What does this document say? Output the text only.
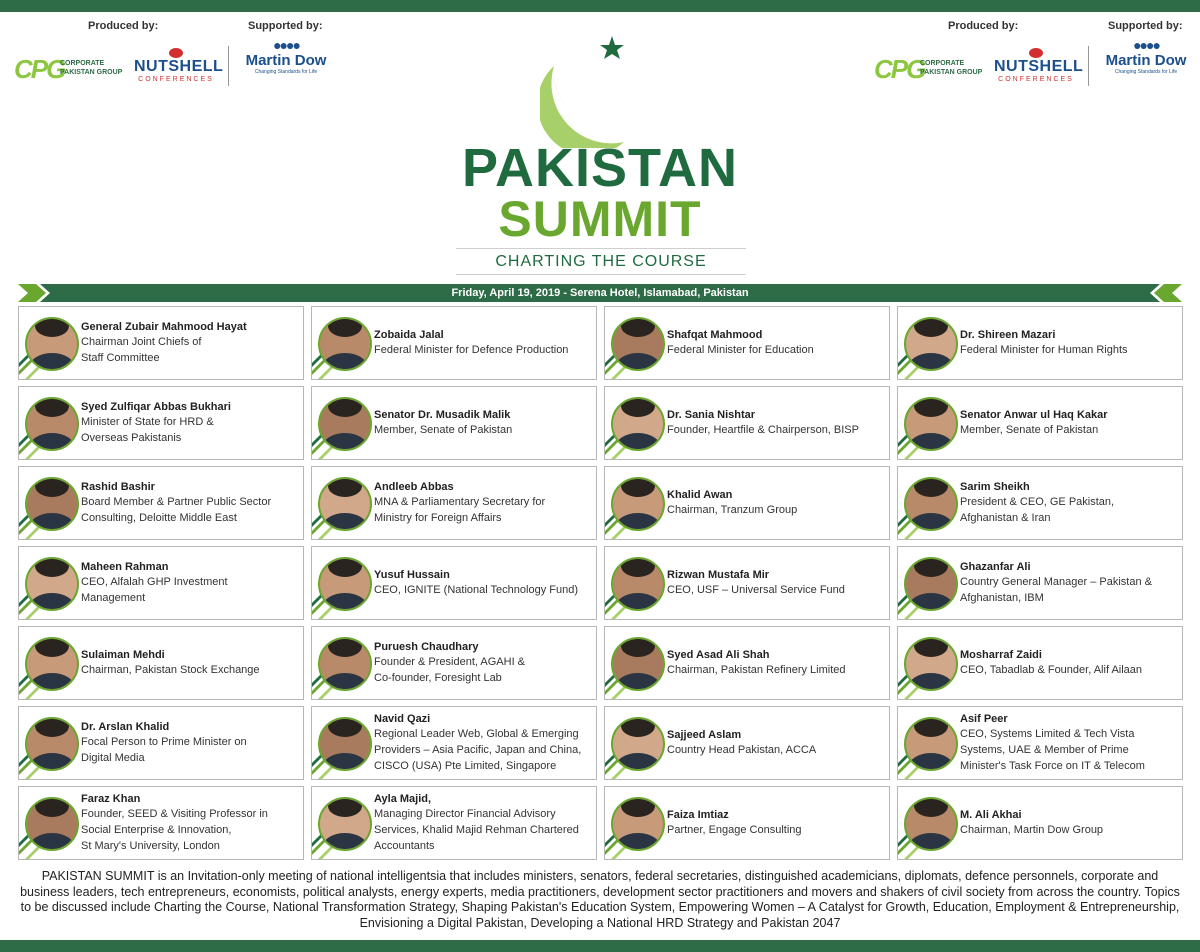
Produced by:	Supported by:
CPG
CORPORATE PAKISTAN GROUP NUTSHELL
CONFERENCES
●●●●
Martin Dow
Changing Standards for Life
Produced by:	Supported by:
CPG
CORPORATE PAKISTAN GROUP NUTSHELL
CONFERENCES
●●●●
Martin Dow
Changing Standards for Life
PAKISTAN
SUMMIT
CHARTING THE COURSE
Friday, April 19, 2019 - Serena Hotel, Islamabad, Pakistan
General Zubair Mahmood Hayat
Chairman Joint Chiefs of
Staff Committee
Zobaida Jalal
Federal Minister for Defence Production
Shafqat Mahmood
Federal Minister for Education
Dr. Shireen Mazari
Federal Minister for Human Rights
Syed Zulfiqar Abbas Bukhari
Minister of State for HRD &
Overseas Pakistanis
Senator Dr. Musadik Malik
Member, Senate of Pakistan
Dr. Sania Nishtar
Founder, Heartfile & Chairperson, BISP
Senator Anwar ul Haq Kakar
Member, Senate of Pakistan
Rashid Bashir
Board Member & Partner Public Sector
Consulting, Deloitte Middle East
Andleeb Abbas
MNA & Parliamentary Secretary for
Ministry for Foreign Affairs
Khalid Awan
Chairman, Tranzum Group
Sarim Sheikh
President & CEO, GE Pakistan,
Afghanistan & Iran
Maheen Rahman
CEO, Alfalah GHP Investment
Management
Yusuf Hussain
CEO, IGNITE (National Technology Fund)
Rizwan Mustafa Mir
CEO, USF – Universal Service Fund
Ghazanfar Ali
Country General Manager – Pakistan &
Afghanistan, IBM
Sulaiman Mehdi
Chairman, Pakistan Stock Exchange
Puruesh Chaudhary
Founder & President, AGAHI &
Co-founder, Foresight Lab
Syed Asad Ali Shah
Chairman, Pakistan Refinery Limited
Mosharraf Zaidi
CEO, Tabadlab & Founder, Alif Ailaan
Dr. Arslan Khalid
Focal Person to Prime Minister on
Digital Media
Navid Qazi
Regional Leader Web, Global & Emerging
Providers – Asia Pacific, Japan and China,
CISCO (USA) Pte Limited, Singapore
Sajjeed Aslam
Country Head Pakistan, ACCA
Asif Peer
CEO, Systems Limited & Tech Vista
Systems, UAE & Member of Prime
Minister's Task Force on IT & Telecom
Faraz Khan
Founder, SEED & Visiting Professor in
Social Enterprise & Innovation,
St Mary's University, London
Ayla Majid,
Managing Director Financial Advisory
Services, Khalid Majid Rehman Chartered
Accountants
Faiza Imtiaz
Partner, Engage Consulting
M. Ali Akhai
Chairman, Martin Dow Group
PAKISTAN SUMMIT is an Invitation-only meeting of national intelligentsia that includes ministers, senators, federal secretaries, distinguished academicians, diplomats, defence personnels, corporate and business leaders, tech entrepreneurs, economists, political analysts, energy experts, media practitioners, development sector practitioners and movers and shakers of civil society from across the country. Topics to be discussed include Charting the Course, National Transformation Strategy, Shaping Pakistan's Education System, Empowering Women – A Catalyst for Growth, Education, Employment & Entrepreneurship, Envisioning a Digital Pakistan, Developing a National HRD Strategy and Pakistan 2047
